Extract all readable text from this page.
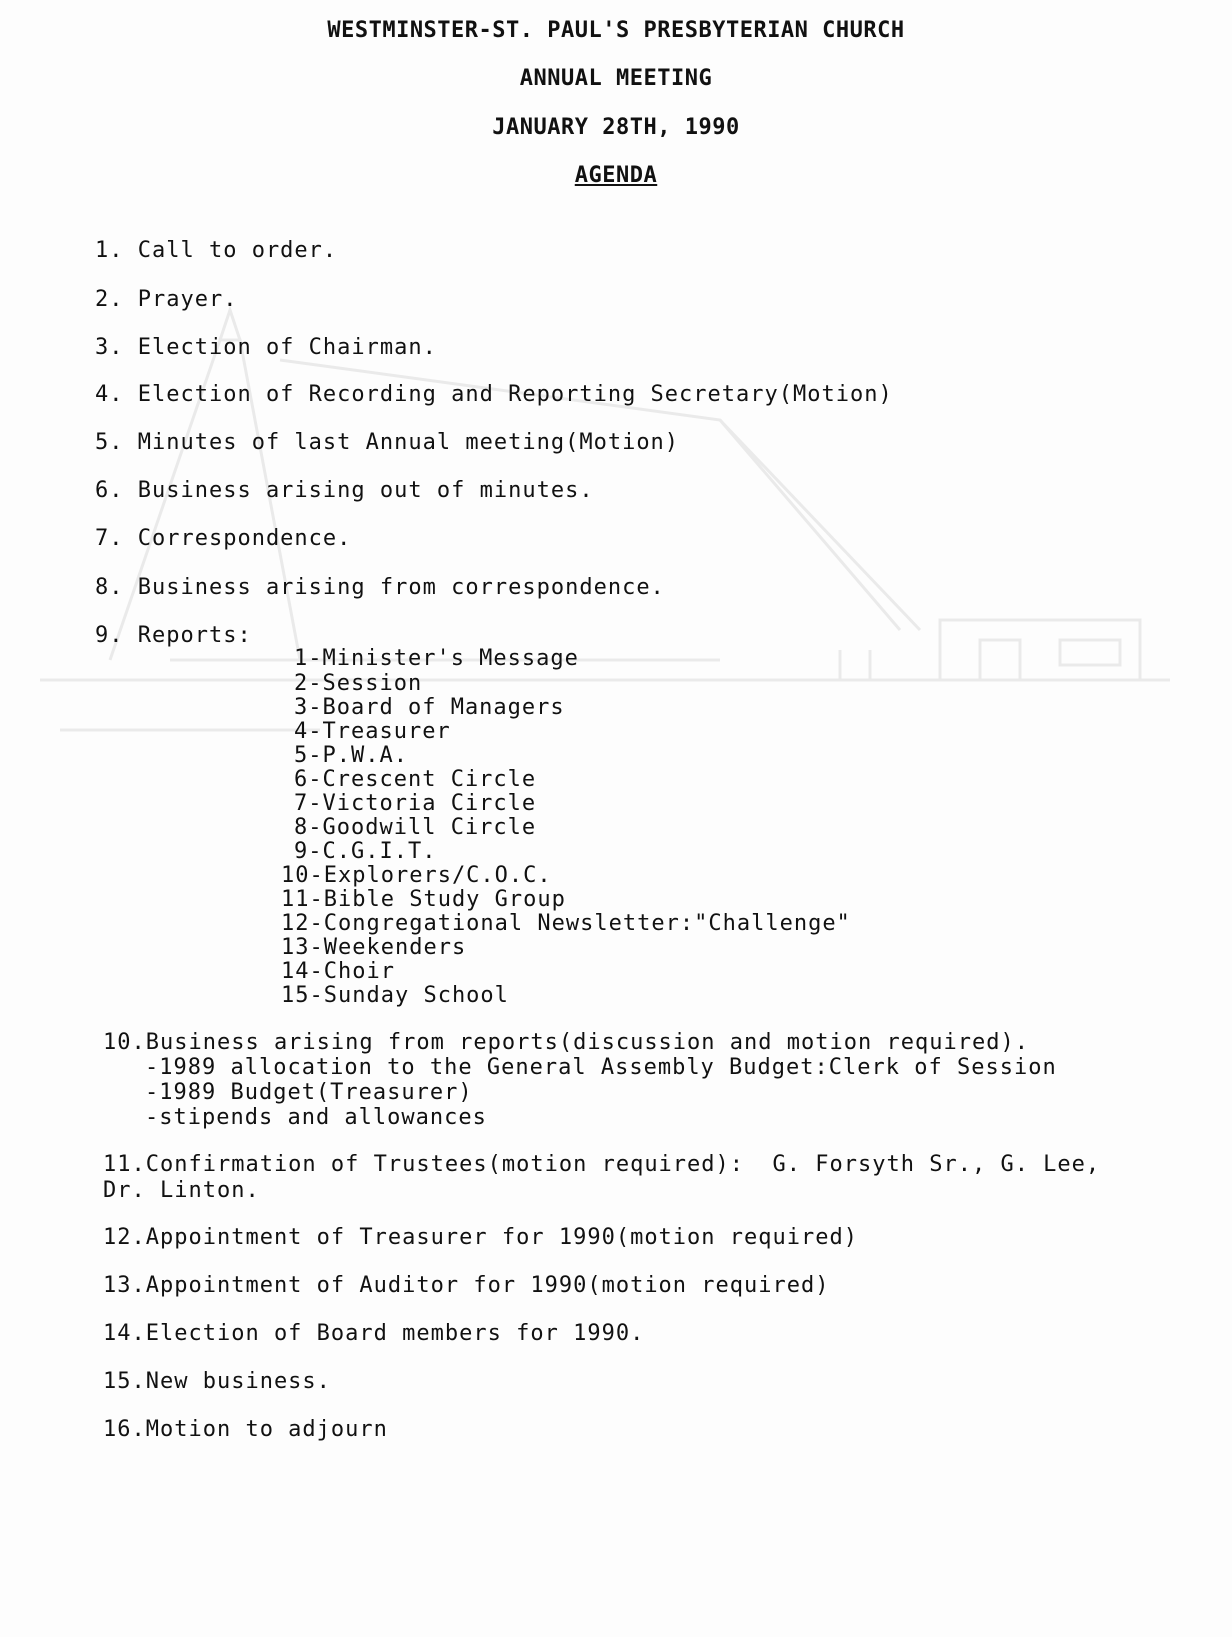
WESTMINSTER-ST. PAUL'S PRESBYTERIAN CHURCH
ANNUAL MEETING
JANUARY 28TH, 1990
AGENDA
1. Call to order.
2. Prayer.
3. Election of Chairman.
4. Election of Recording and Reporting Secretary(Motion)
5. Minutes of last Annual meeting(Motion)
6. Business arising out of minutes.
7. Correspondence.
8. Business arising from correspondence.
9. Reports:
1-Minister's Message
2-Session
3-Board of Managers
4-Treasurer
5-P.W.A.
6-Crescent Circle
7-Victoria Circle
8-Goodwill Circle
9-C.G.I.T.
10-Explorers/C.O.C.
11-Bible Study Group
12-Congregational Newsletter:"Challenge"
13-Weekenders
14-Choir
15-Sunday School
10.Business arising from reports(discussion and motion required).
-1989 allocation to the General Assembly Budget:Clerk of Session
-1989 Budget(Treasurer)
-stipends and allowances
11.Confirmation of Trustees(motion required):  G. Forsyth Sr., G. Lee,
Dr. Linton.
12.Appointment of Treasurer for 1990(motion required)
13.Appointment of Auditor for 1990(motion required)
14.Election of Board members for 1990.
15.New business.
16.Motion to adjourn
